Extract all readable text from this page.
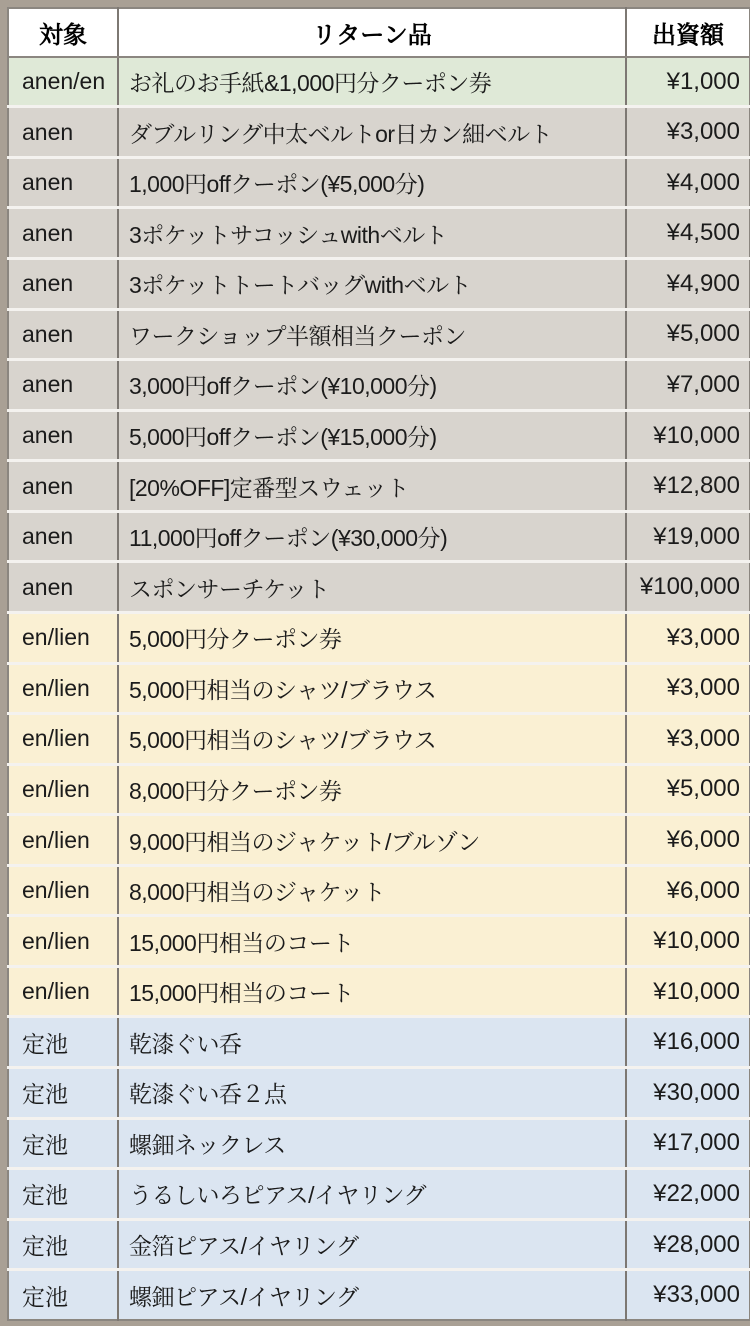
対象	リターン品	出資額
anen/en	お礼のお手紙&1,000円分クーポン券	¥1,000
anen	ダブルリング中太ベルトor日カン細ベルト	¥3,000
anen	1,000円offクーポン(¥5,000分)	¥4,000
anen	3ポケットサコッシュwithベルト	¥4,500
anen	3ポケットトートバッグwithベルト	¥4,900
anen	ワークショップ半額相当クーポン	¥5,000
anen	3,000円offクーポン(¥10,000分)	¥7,000
anen	5,000円offクーポン(¥15,000分)	¥10,000
anen	[20%OFF]定番型スウェット	¥12,800
anen	11,000円offクーポン(¥30,000分)	¥19,000
anen	スポンサーチケット	¥100,000
en/lien	5,000円分クーポン券	¥3,000
en/lien	5,000円相当のシャツ/ブラウス	¥3,000
en/lien	5,000円相当のシャツ/ブラウス	¥3,000
en/lien	8,000円分クーポン券	¥5,000
en/lien	9,000円相当のジャケット/ブルゾン	¥6,000
en/lien	8,000円相当のジャケット	¥6,000
en/lien	15,000円相当のコート	¥10,000
en/lien	15,000円相当のコート	¥10,000
定池	乾漆ぐい呑	¥16,000
定池	乾漆ぐい呑２点	¥30,000
定池	螺鈿ネックレス	¥17,000
定池	うるしいろピアス/イヤリング	¥22,000
定池	金箔ピアス/イヤリング	¥28,000
定池	螺鈿ピアス/イヤリング	¥33,000
